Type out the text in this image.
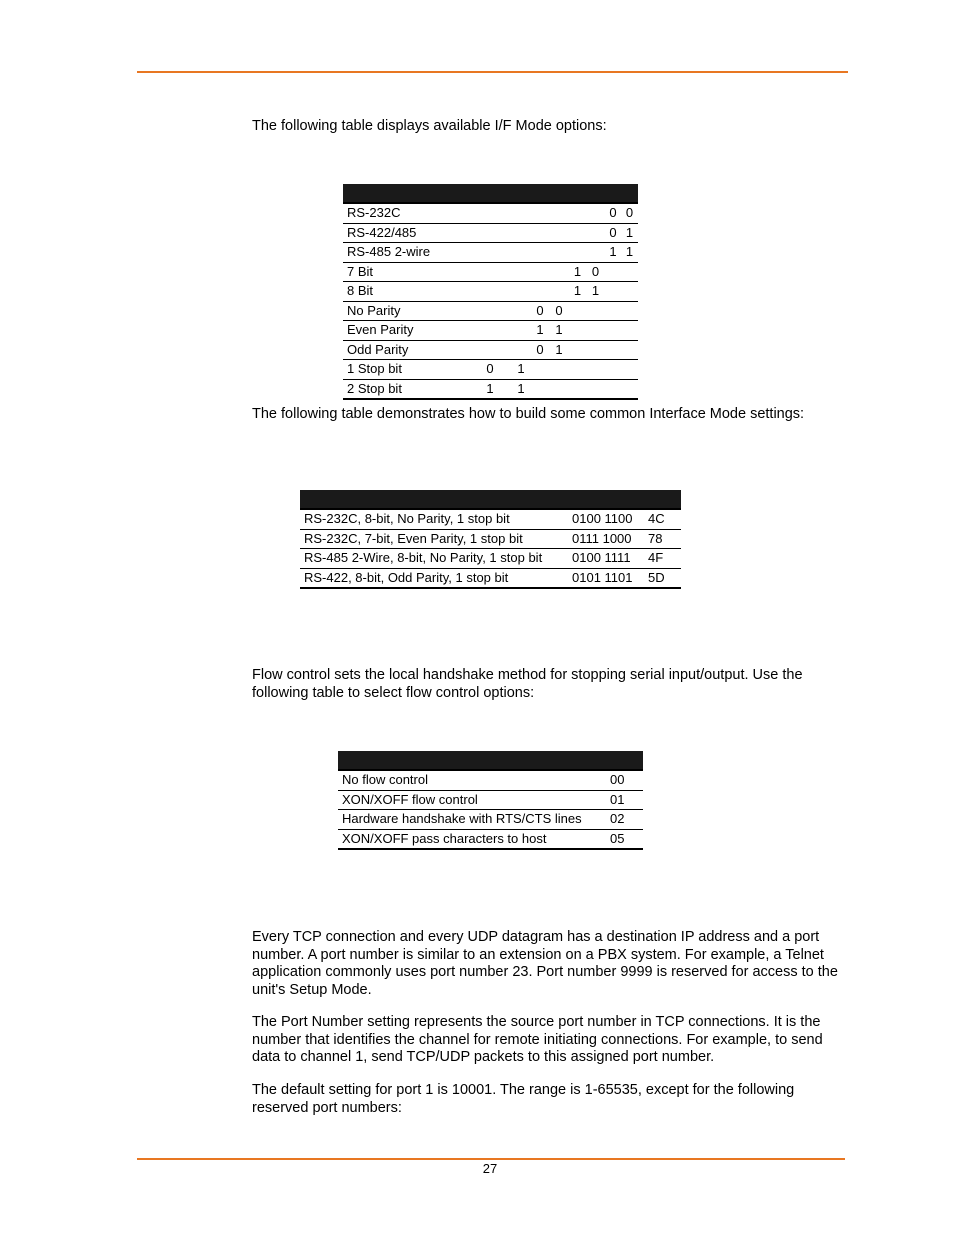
The following table displays available I/F Mode options:

RS-232C							0	0
RS-422/485							0	1
RS-485 2-wire							1	1
7 Bit					1	0		
8 Bit					1	1		
No Parity			0	0				
Even Parity			1	1				
Odd Parity			0	1				
1 Stop bit	0	1						
2 Stop bit	1	1						

The following table demonstrates how to build some common Interface Mode settings:

RS-232C, 8-bit, No Parity, 1 stop bit	0100 1100	4C
RS-232C, 7-bit, Even Parity, 1 stop bit	0111 1000	78
RS-485 2-Wire, 8-bit, No Parity, 1 stop bit	0100 1111	4F
RS-422, 8-bit, Odd Parity, 1 stop bit	0101 1101	5D

Flow control sets the local handshake method for stopping serial input/output. Use the following table to select flow control options:

No flow control	00
XON/XOFF flow control	01
Hardware handshake with RTS/CTS lines	02
XON/XOFF pass characters to host	05

Every TCP connection and every UDP datagram has a destination IP address and a port number. A port number is similar to an extension on a PBX system. For example, a Telnet application commonly uses port number 23. Port number 9999 is reserved for access to the unit's Setup Mode.

The Port Number setting represents the source port number in TCP connections. It is the number that identifies the channel for remote initiating connections. For example, to send data to channel 1, send TCP/UDP packets to this assigned port number.

The default setting for port 1 is 10001. The range is 1-65535, except for the following reserved port numbers:

27
